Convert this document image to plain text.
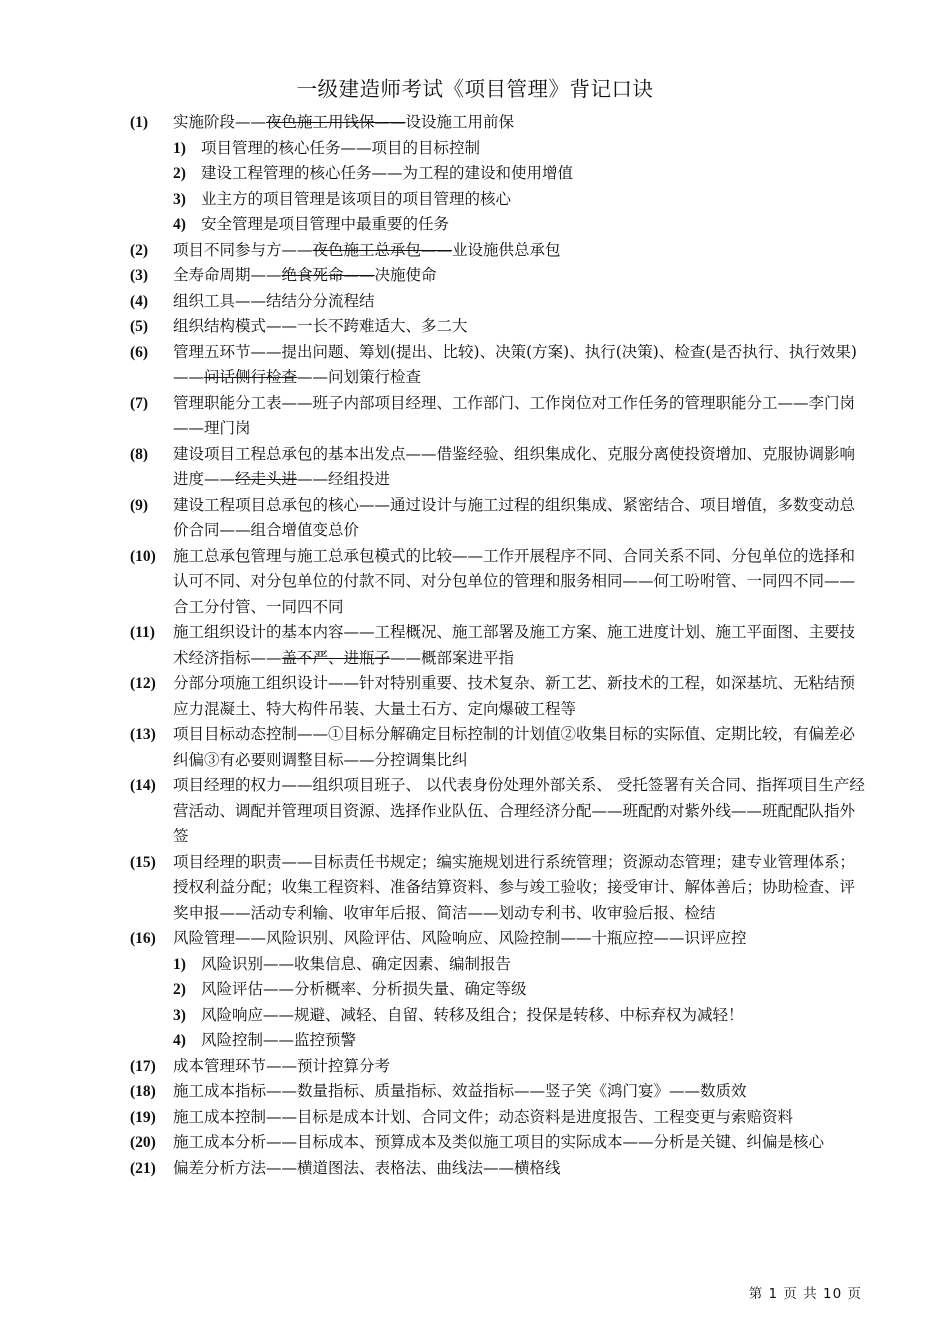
一级建造师考试《项目管理》背记口诀
(1) 实施阶段——夜色施工用钱保——设设施工用前保
1) 项目管理的核心任务——项目的目标控制
2) 建设工程管理的核心任务——为工程的建设和使用增值
3) 业主方的项目管理是该项目的项目管理的核心
4) 安全管理是项目管理中最重要的任务
(2) 项目不同参与方——夜色施工总承包——业设施供总承包
(3) 全寿命周期——绝食死命——决施使命
(4) 组织工具——结结分分流程结
(5) 组织结构模式——一长不跨难适大、多二大
(6) 管理五环节——提出问题、筹划(提出、比较)、决策(方案)、执行(决策)、检查(是否执行、执行效果)——问话侧行检查——问划策行检查
(7) 管理职能分工表——班子内部项目经理、工作部门、工作岗位对工作任务的管理职能分工——李门岗——理门岗
(8) 建设项目工程总承包的基本出发点——借鉴经验、组织集成化、克服分离使投资增加、克服协调影响进度——经走头进——经组投进
(9) 建设工程项目总承包的核心——通过设计与施工过程的组织集成、紧密结合、项目增值，多数变动总价合同——组合增值变总价
(10) 施工总承包管理与施工总承包模式的比较——工作开展程序不同、合同关系不同、分包单位的选择和认可不同、对分包单位的付款不同、对分包单位的管理和服务相同——何工吩咐管、一同四不同——合工分付管、一同四不同
(11) 施工组织设计的基本内容——工程概况、施工部署及施工方案、施工进度计划、施工平面图、主要技术经济指标——盖不严、进瓶子——概部案进平指
(12) 分部分项施工组织设计——针对特别重要、技术复杂、新工艺、新技术的工程，如深基坑、无粘结预应力混凝土、特大构件吊装、大量土石方、定向爆破工程等
(13) 项目目标动态控制——①目标分解确定目标控制的计划值②收集目标的实际值、定期比较，有偏差必纠偏③有必要则调整目标——分控调集比纠
(14) 项目经理的权力——组织项目班子、 以代表身份处理外部关系、 受托签署有关合同、指挥项目生产经营活动、调配并管理项目资源、选择作业队伍、合理经济分配——班配酌对紫外线——班配配队指外签
(15) 项目经理的职责——目标责任书规定；编实施规划进行系统管理；资源动态管理；建专业管理体系；授权利益分配；收集工程资料、准备结算资料、参与竣工验收；接受审计、解体善后；协助检查、评奖申报——活动专利输、收审年后报、简洁——划动专利书、收审验后报、检结
(16) 风险管理——风险识别、风险评估、风险响应、风险控制——十瓶应控——识评应控
1) 风险识别——收集信息、确定因素、编制报告
2) 风险评估——分析概率、分析损失量、确定等级
3) 风险响应——规避、减轻、自留、转移及组合；投保是转移、中标弃权为减轻！
4) 风险控制——监控预警
(17) 成本管理环节——预计控算分考
(18) 施工成本指标——数量指标、质量指标、效益指标——竖子笑《鸿门宴》——数质效
(19) 施工成本控制——目标是成本计划、合同文件；动态资料是进度报告、工程变更与索赔资料
(20) 施工成本分析——目标成本、预算成本及类似施工项目的实际成本——分析是关键、纠偏是核心
(21) 偏差分析方法——横道图法、表格法、曲线法——横格线
第 1 页 共 10 页
